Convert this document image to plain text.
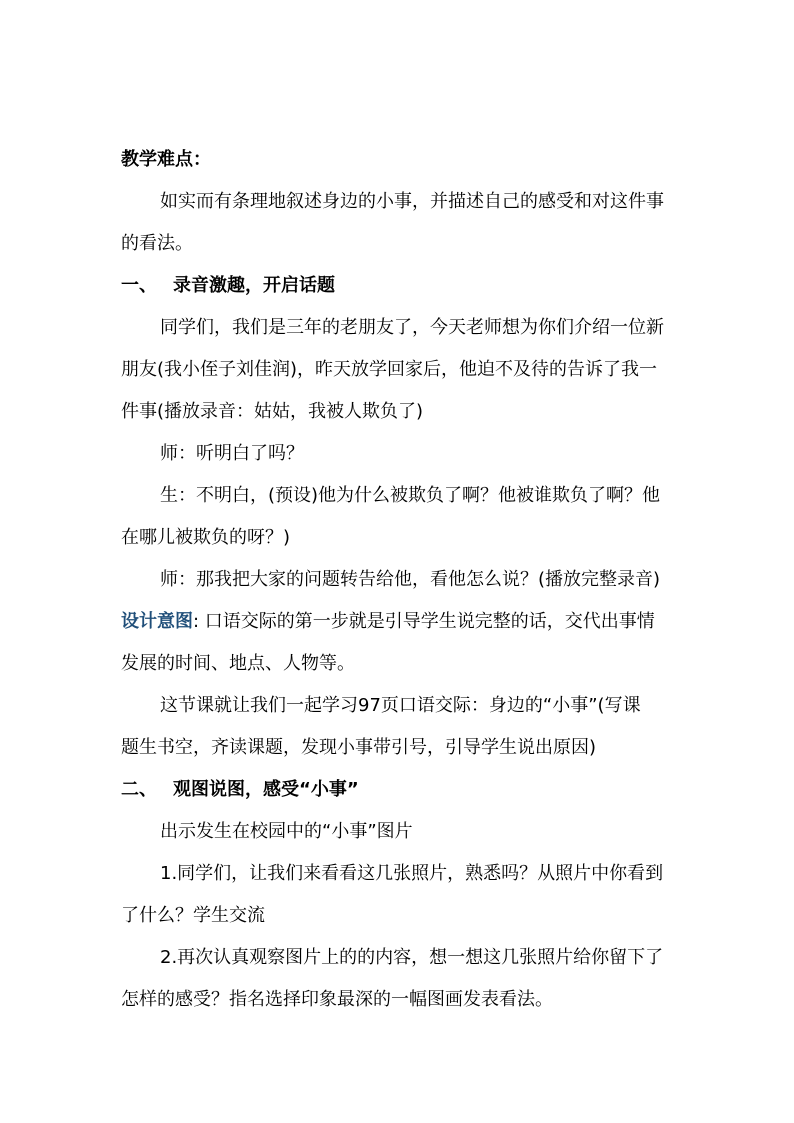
教学难点：
如实而有条理地叙述身边的小事，并描述自己的感受和对这件事
的看法。
一、 录音激趣，开启话题
同学们，我们是三年的老朋友了，今天老师想为你们介绍一位新
朋友(我小侄子刘佳润)，昨天放学回家后，他迫不及待的告诉了我一
件事(播放录音：姑姑，我被人欺负了)
师：听明白了吗？
生：不明白，(预设)他为什么被欺负了啊？他被谁欺负了啊？他
在哪儿被欺负的呀？)
师：那我把大家的问题转告给他，看他怎么说？(播放完整录音)
设计意图: 口语交际的第一步就是引导学生说完整的话，交代出事情
发展的时间、地点、人物等。
这节课就让我们一起学习97页口语交际：身边的“小事”(写课
题生书空，齐读课题，发现小事带引号，引导学生说出原因)
二、 观图说图，感受“小事”
出示发生在校园中的“小事”图片
1.同学们，让我们来看看这几张照片，熟悉吗？从照片中你看到
了什么？学生交流
2.再次认真观察图片上的的内容，想一想这几张照片给你留下了
怎样的感受？指名选择印象最深的一幅图画发表看法。
